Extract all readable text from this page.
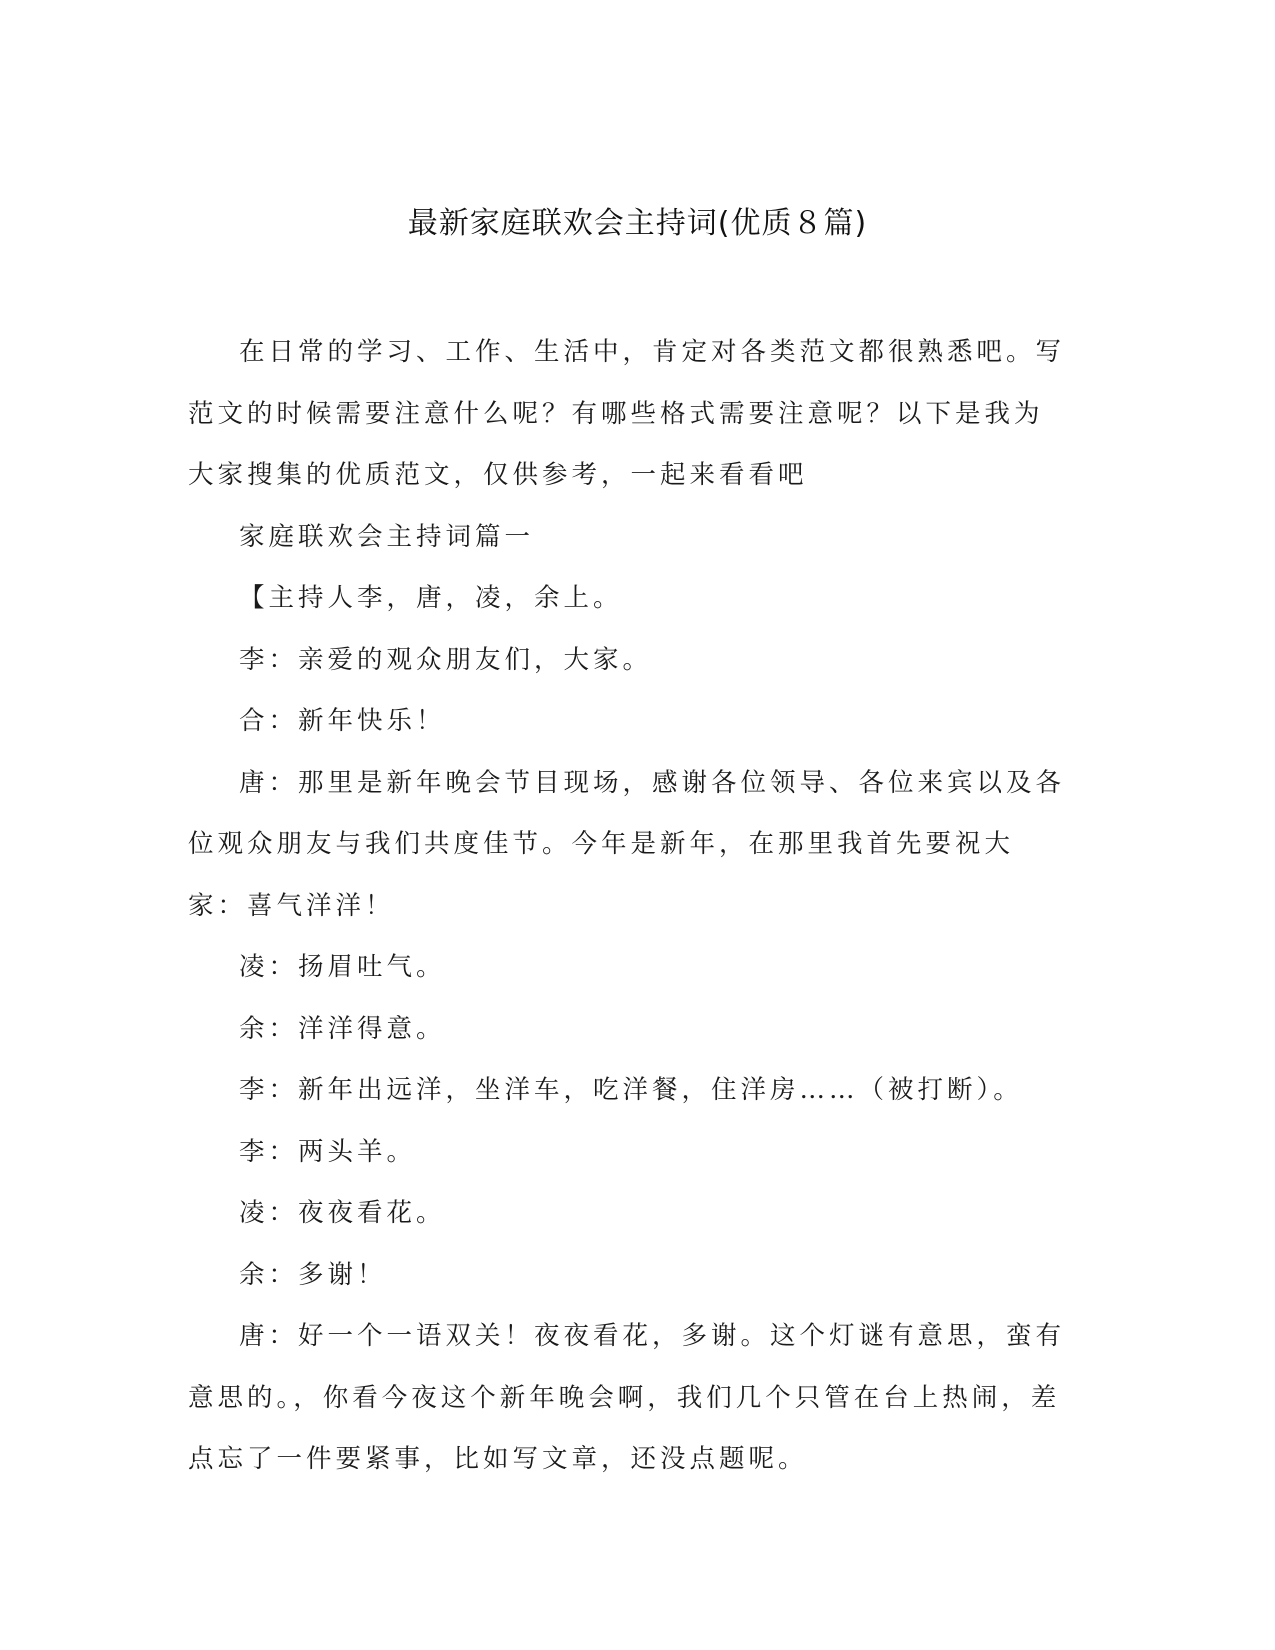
最新家庭联欢会主持词(优质８篇)

在日常的学习、工作、生活中，肯定对各类范文都很熟悉吧。写范文的时候需要注意什么呢？有哪些格式需要注意呢？以下是我为大家搜集的优质范文，仅供参考，一起来看看吧

家庭联欢会主持词篇一

【主持人李，唐，凌，余上。

李：亲爱的观众朋友们，大家。

合：新年快乐！

唐：那里是新年晚会节目现场，感谢各位领导、各位来宾以及各位观众朋友与我们共度佳节。今年是新年，在那里我首先要祝大家：喜气洋洋！

凌：扬眉吐气。

余：洋洋得意。

李：新年出远洋，坐洋车，吃洋餐，住洋房……（被打断）。

李：两头羊。

凌：夜夜看花。

余：多谢！

唐：好一个一语双关！夜夜看花，多谢。这个灯谜有意思，蛮有意思的。，你看今夜这个新年晚会啊，我们几个只管在台上热闹，差点忘了一件要紧事，比如写文章，还没点题呢。
